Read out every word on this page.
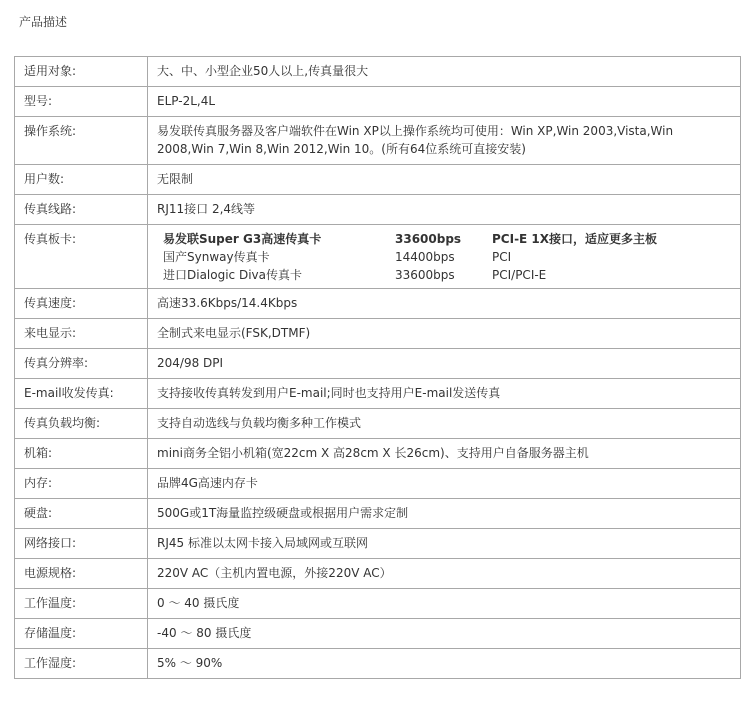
产品描述
适用对象:	大、中、小型企业50人以上,传真量很大
型号:	ELP-2L,4L
操作系统:	易发联传真服务器及客户端软件在Win XP以上操作系统均可使用：Win XP,Win 2003,Vista,Win 2008,Win 7,Win 8,Win 2012,Win 10。(所有64位系统可直接安装)
用户数:	无限制
传真线路:	RJ11接口 2,4线等
传真板卡:		易发联Super G3高速传真卡	33600bps	PCI-E 1X接口，适应更多主板
国产Synway传真卡	14400bps	PCI
进口Dialogic Diva传真卡	33600bps	PCI/PCI-E

传真速度:	高速33.6Kbps/14.4Kbps
来电显示:	全制式来电显示(FSK,DTMF)
传真分辨率:	204/98 DPI
E-mail收发传真:	支持接收传真转发到用户E-mail;同时也支持用户E-mail发送传真
传真负载均衡:	支持自动选线与负载均衡多种工作模式
机箱:	mini商务全铝小机箱(宽22cm X 高28cm X 长26cm)、支持用户自备服务器主机
内存:	品牌4G高速内存卡
硬盘:	500G或1T海量监控级硬盘或根据用户需求定制
网络接口:	RJ45 标准以太网卡接入局域网或互联网
电源规格:	220V AC（主机内置电源，外接220V AC）
工作温度:	0 ～ 40 摄氏度
存储温度:	-40 ～ 80 摄氏度
工作湿度:	5% ～ 90%
